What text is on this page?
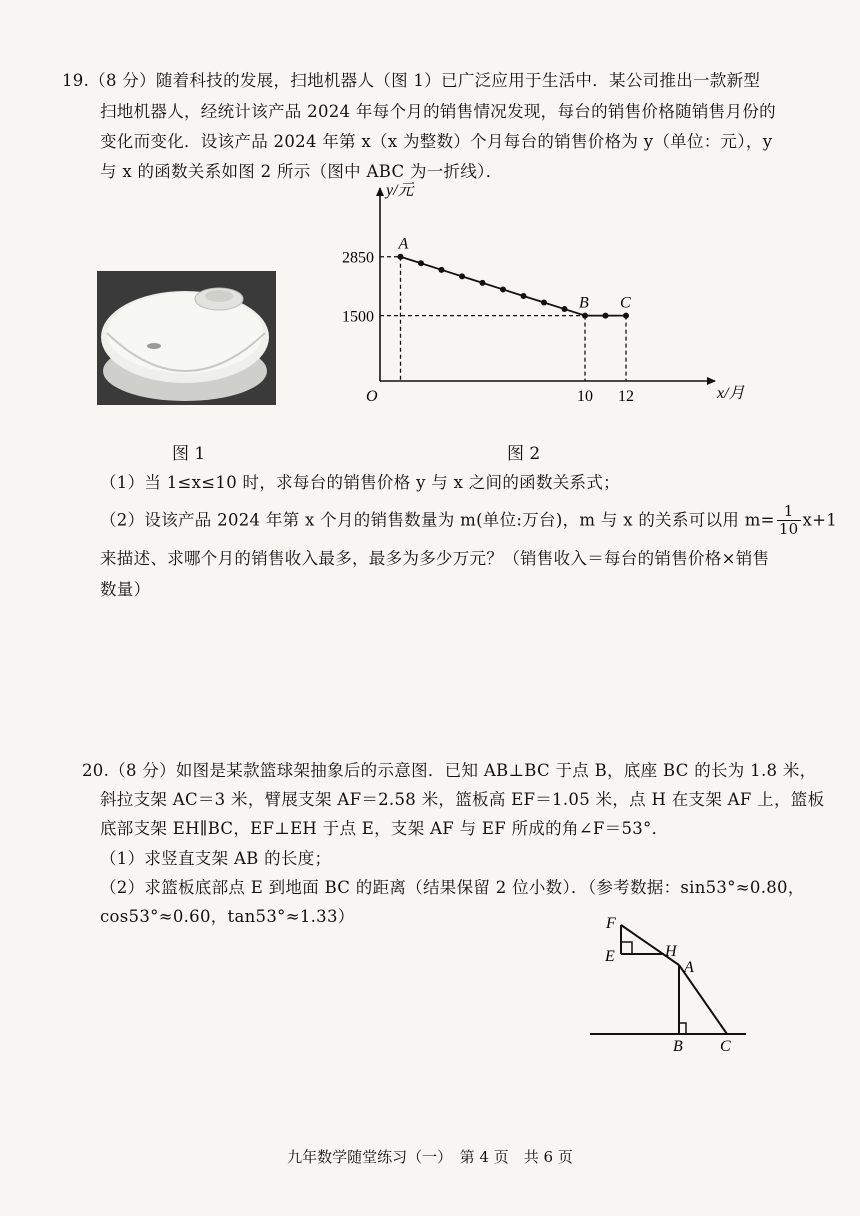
19.（8 分）随着科技的发展，扫地机器人（图 1）已广泛应用于生活中．某公司推出一款新型
扫地机器人，经统计该产品 2024 年每个月的销售情况发现，每台的销售价格随销售月份的
变化而变化．设该产品 2024 年第 x（x 为整数）个月每台的销售价格为 y（单位：元），y
与 x 的函数关系如图 2 所示（图中 ABC 为一折线）．
y/元
x/月
O
2850
1500
10 12
A
B C
图 1	图 2
（1）当 1≤x≤10 时，求每台的销售价格 y 与 x 之间的函数关系式；
（2）设该产品 2024 年第 x 个月的销售数量为 m(单位:万台)，m 与 x 的关系可以用 $m= \frac{1}{10} x+1$
来描述、求哪个月的销售收入最多，最多为多少万元？（销售收入＝每台的销售价格×销售
数量）
20.（8 分）如图是某款篮球架抽象后的示意图．已知 AB⊥BC 于点 B，底座 BC 的长为 1.8 米，
斜拉支架 AC＝3 米，臂展支架 AF＝2.58 米，篮板高 EF＝1.05 米，点 H 在支架 AF 上，篮板
底部支架 EH∥BC，EF⊥EH 于点 E，支架 AF 与 EF 所成的角∠F＝53°．
（1）求竖直支架 AB 的长度；
（2）求篮板底部点 E 到地面 BC 的距离（结果保留 2 位小数）．（参考数据：sin53°≈0.80，
cos53°≈0.60，tan53°≈1.33）	F
E	H
A
B C
九年数学随堂练习（一）　第 4 页　共 6 页
